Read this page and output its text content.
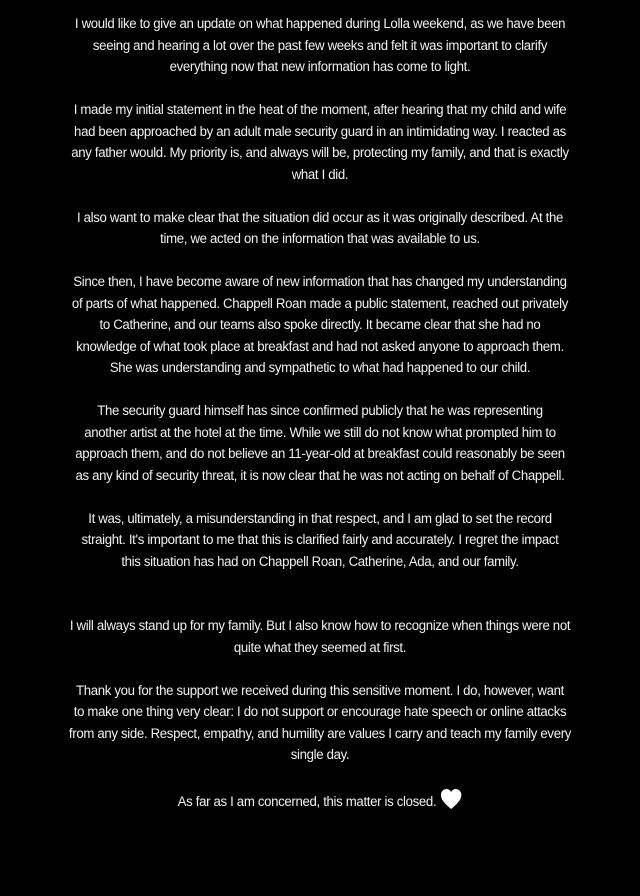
I would like to give an update on what happened during Lolla weekend, as we have been
seeing and hearing a lot over the past few weeks and felt it was important to clarify
everything now that new information has come to light.

I made my initial statement in the heat of the moment, after hearing that my child and wife
had been approached by an adult male security guard in an intimidating way. I reacted as
any father would. My priority is, and always will be, protecting my family, and that is exactly
what I did.

I also want to make clear that the situation did occur as it was originally described. At the
time, we acted on the information that was available to us.

Since then, I have become aware of new information that has changed my understanding
of parts of what happened. Chappell Roan made a public statement, reached out privately
to Catherine, and our teams also spoke directly. It became clear that she had no
knowledge of what took place at breakfast and had not asked anyone to approach them.
She was understanding and sympathetic to what had happened to our child.

The security guard himself has since confirmed publicly that he was representing
another artist at the hotel at the time. While we still do not know what prompted him to
approach them, and do not believe an 11-year-old at breakfast could reasonably be seen
as any kind of security threat, it is now clear that he was not acting on behalf of Chappell.

It was, ultimately, a misunderstanding in that respect, and I am glad to set the record
straight. It's important to me that this is clarified fairly and accurately. I regret the impact
this situation has had on Chappell Roan, Catherine, Ada, and our family.

I will always stand up for my family. But I also know how to recognize when things were not
quite what they seemed at first.

Thank you for the support we received during this sensitive moment. I do, however, want
to make one thing very clear: I do not support or encourage hate speech or online attacks
from any side. Respect, empathy, and humility are values I carry and teach my family every
single day.

As far as I am concerned, this matter is closed.
